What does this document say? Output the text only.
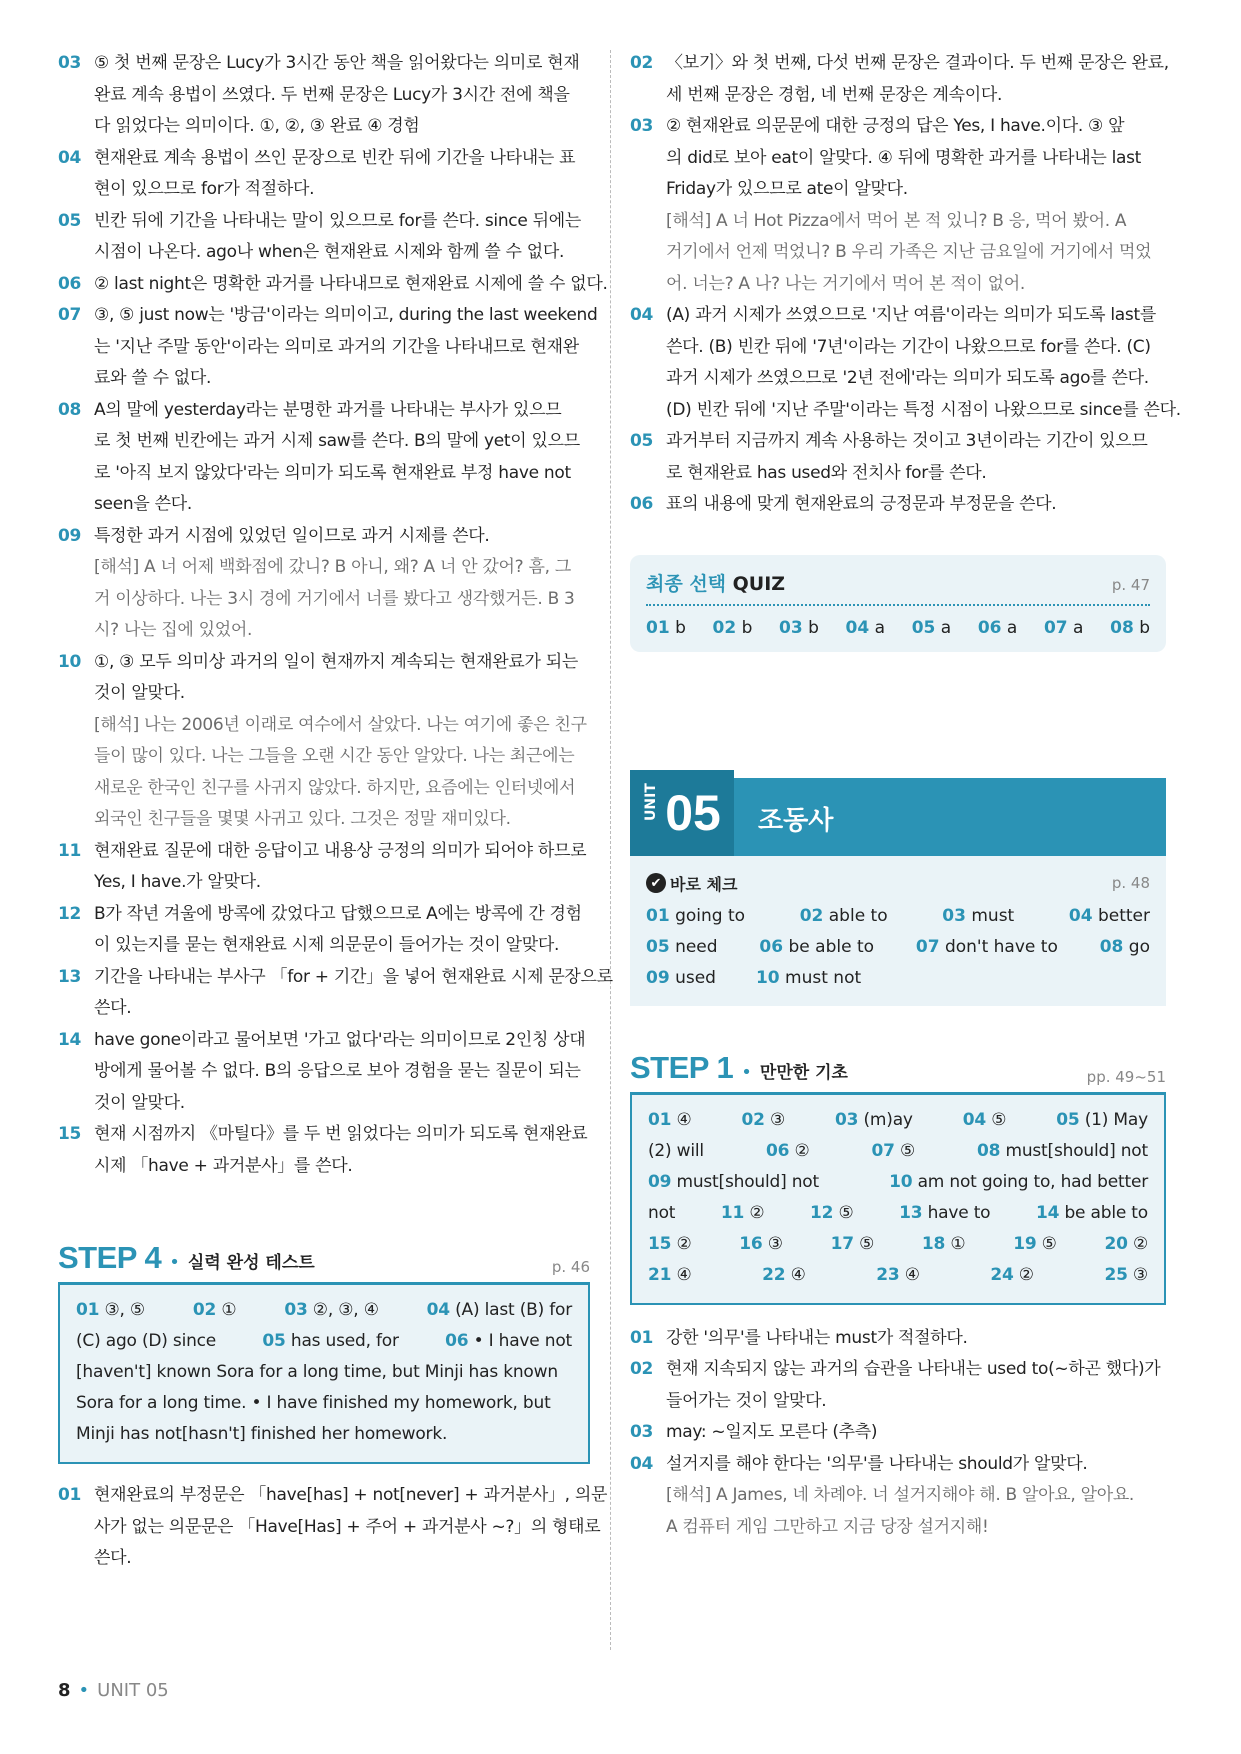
03 ⑤ 첫 번째 문장은 Lucy가 3시간 동안 책을 읽어왔다는 의미로 현재
완료 계속 용법이 쓰였다. 두 번째 문장은 Lucy가 3시간 전에 책을
다 읽었다는 의미이다. ①, ②, ③ 완료 ④ 경험
04 현재완료 계속 용법이 쓰인 문장으로 빈칸 뒤에 기간을 나타내는 표
현이 있으므로 for가 적절하다.
05 빈칸 뒤에 기간을 나타내는 말이 있으므로 for를 쓴다. since 뒤에는
시점이 나온다. ago나 when은 현재완료 시제와 함께 쓸 수 없다.
06 ② last night은 명확한 과거를 나타내므로 현재완료 시제에 쓸 수 없다.
07 ③, ⑤ just now는 '방금'이라는 의미이고, during the last weekend
는 '지난 주말 동안'이라는 의미로 과거의 기간을 나타내므로 현재완
료와 쓸 수 없다.
08 A의 말에 yesterday라는 분명한 과거를 나타내는 부사가 있으므
로 첫 번째 빈칸에는 과거 시제 saw를 쓴다. B의 말에 yet이 있으므
로 '아직 보지 않았다'라는 의미가 되도록 현재완료 부정 have not
seen을 쓴다.
09 특정한 과거 시점에 있었던 일이므로 과거 시제를 쓴다.
[해석] A 너 어제 백화점에 갔니? B 아니, 왜? A 너 안 갔어? 흠, 그
거 이상하다. 나는 3시 경에 거기에서 너를 봤다고 생각했거든. B 3
시? 나는 집에 있었어.
10 ①, ③ 모두 의미상 과거의 일이 현재까지 계속되는 현재완료가 되는
것이 알맞다.
[해석] 나는 2006년 이래로 여수에서 살았다. 나는 여기에 좋은 친구
들이 많이 있다. 나는 그들을 오랜 시간 동안 알았다. 나는 최근에는
새로운 한국인 친구를 사귀지 않았다. 하지만, 요즘에는 인터넷에서
외국인 친구들을 몇몇 사귀고 있다. 그것은 정말 재미있다.
11 현재완료 질문에 대한 응답이고 내용상 긍정의 의미가 되어야 하므로
Yes, I have.가 알맞다.
12 B가 작년 겨울에 방콕에 갔었다고 답했으므로 A에는 방콕에 간 경험
이 있는지를 묻는 현재완료 시제 의문문이 들어가는 것이 알맞다.
13 기간을 나타내는 부사구 「for + 기간」을 넣어 현재완료 시제 문장으로
쓴다.
14 have gone이라고 물어보면 '가고 없다'라는 의미이므로 2인칭 상대
방에게 물어볼 수 없다. B의 응답으로 보아 경험을 묻는 질문이 되는
것이 알맞다.
15 현재 시점까지 《마틸다》를 두 번 읽었다는 의미가 되도록 현재완료
시제 「have + 과거분사」를 쓴다.
STEP 4 • 실력 완성 테스트	p. 46
01 ③, ⑤	02 ①	03 ②, ③, ④	04 (A) last (B) for
(C) ago (D) since	05 has used, for	06 • I have not
[haven't] known Sora for a long time, but Minji has known
Sora for a long time. • I have finished my homework, but
Minji has not[hasn't] finished her homework.
01 현재완료의 부정문은 「have[has] + not[never] + 과거분사」, 의문
사가 없는 의문문은 「Have[Has] + 주어 + 과거분사 ~?」의 형태로
쓴다.
02 〈보기〉와 첫 번째, 다섯 번째 문장은 결과이다. 두 번째 문장은 완료,
세 번째 문장은 경험, 네 번째 문장은 계속이다.
03 ② 현재완료 의문문에 대한 긍정의 답은 Yes, I have.이다. ③ 앞
의 did로 보아 eat이 알맞다. ④ 뒤에 명확한 과거를 나타내는 last
Friday가 있으므로 ate이 알맞다.
[해석] A 너 Hot Pizza에서 먹어 본 적 있니? B 응, 먹어 봤어. A
거기에서 언제 먹었니? B 우리 가족은 지난 금요일에 거기에서 먹었
어. 너는? A 나? 나는 거기에서 먹어 본 적이 없어.
04 (A) 과거 시제가 쓰였으므로 '지난 여름'이라는 의미가 되도록 last를
쓴다. (B) 빈칸 뒤에 '7년'이라는 기간이 나왔으므로 for를 쓴다. (C)
과거 시제가 쓰였으므로 '2년 전에'라는 의미가 되도록 ago를 쓴다.
(D) 빈칸 뒤에 '지난 주말'이라는 특정 시점이 나왔으므로 since를 쓴다.
05 과거부터 지금까지 계속 사용하는 것이고 3년이라는 기간이 있으므
로 현재완료 has used와 전치사 for를 쓴다.
06 표의 내용에 맞게 현재완료의 긍정문과 부정문을 쓴다.
최종 선택 QUIZ	p. 47
01 b 02 b 03 b 04 a 05 a 06 a 07 a 08 b
UNIT 05 조동사
✔ 바로 체크	p. 48
01 going to	02 able to	03 must	04 better
05 need 06 be able to 07 don't have to 08 go
09 used 10 must not
STEP 1 • 만만한 기초	pp. 49~51
01 ④	02 ③	03 (m)ay	04 ⑤	05 (1) May
(2) will	06 ②	07 ⑤	08 must[should] not
09 must[should] not	10 am not going to, had better
not	11 ②	12 ⑤	13 have to	14 be able to
15 ②	16 ③	17 ⑤	18 ①	19 ⑤	20 ②
21 ④	22 ④	23 ④	24 ②	25 ③
01 강한 '의무'를 나타내는 must가 적절하다.
02 현재 지속되지 않는 과거의 습관을 나타내는 used to(~하곤 했다)가
들어가는 것이 알맞다.
03 may: ~일지도 모른다 (추측)
04 설거지를 해야 한다는 '의무'를 나타내는 should가 알맞다.
[해석] A James, 네 차례야. 너 설거지해야 해. B 알아요, 알아요.
A 컴퓨터 게임 그만하고 지금 당장 설거지해!
8 • UNIT 05
